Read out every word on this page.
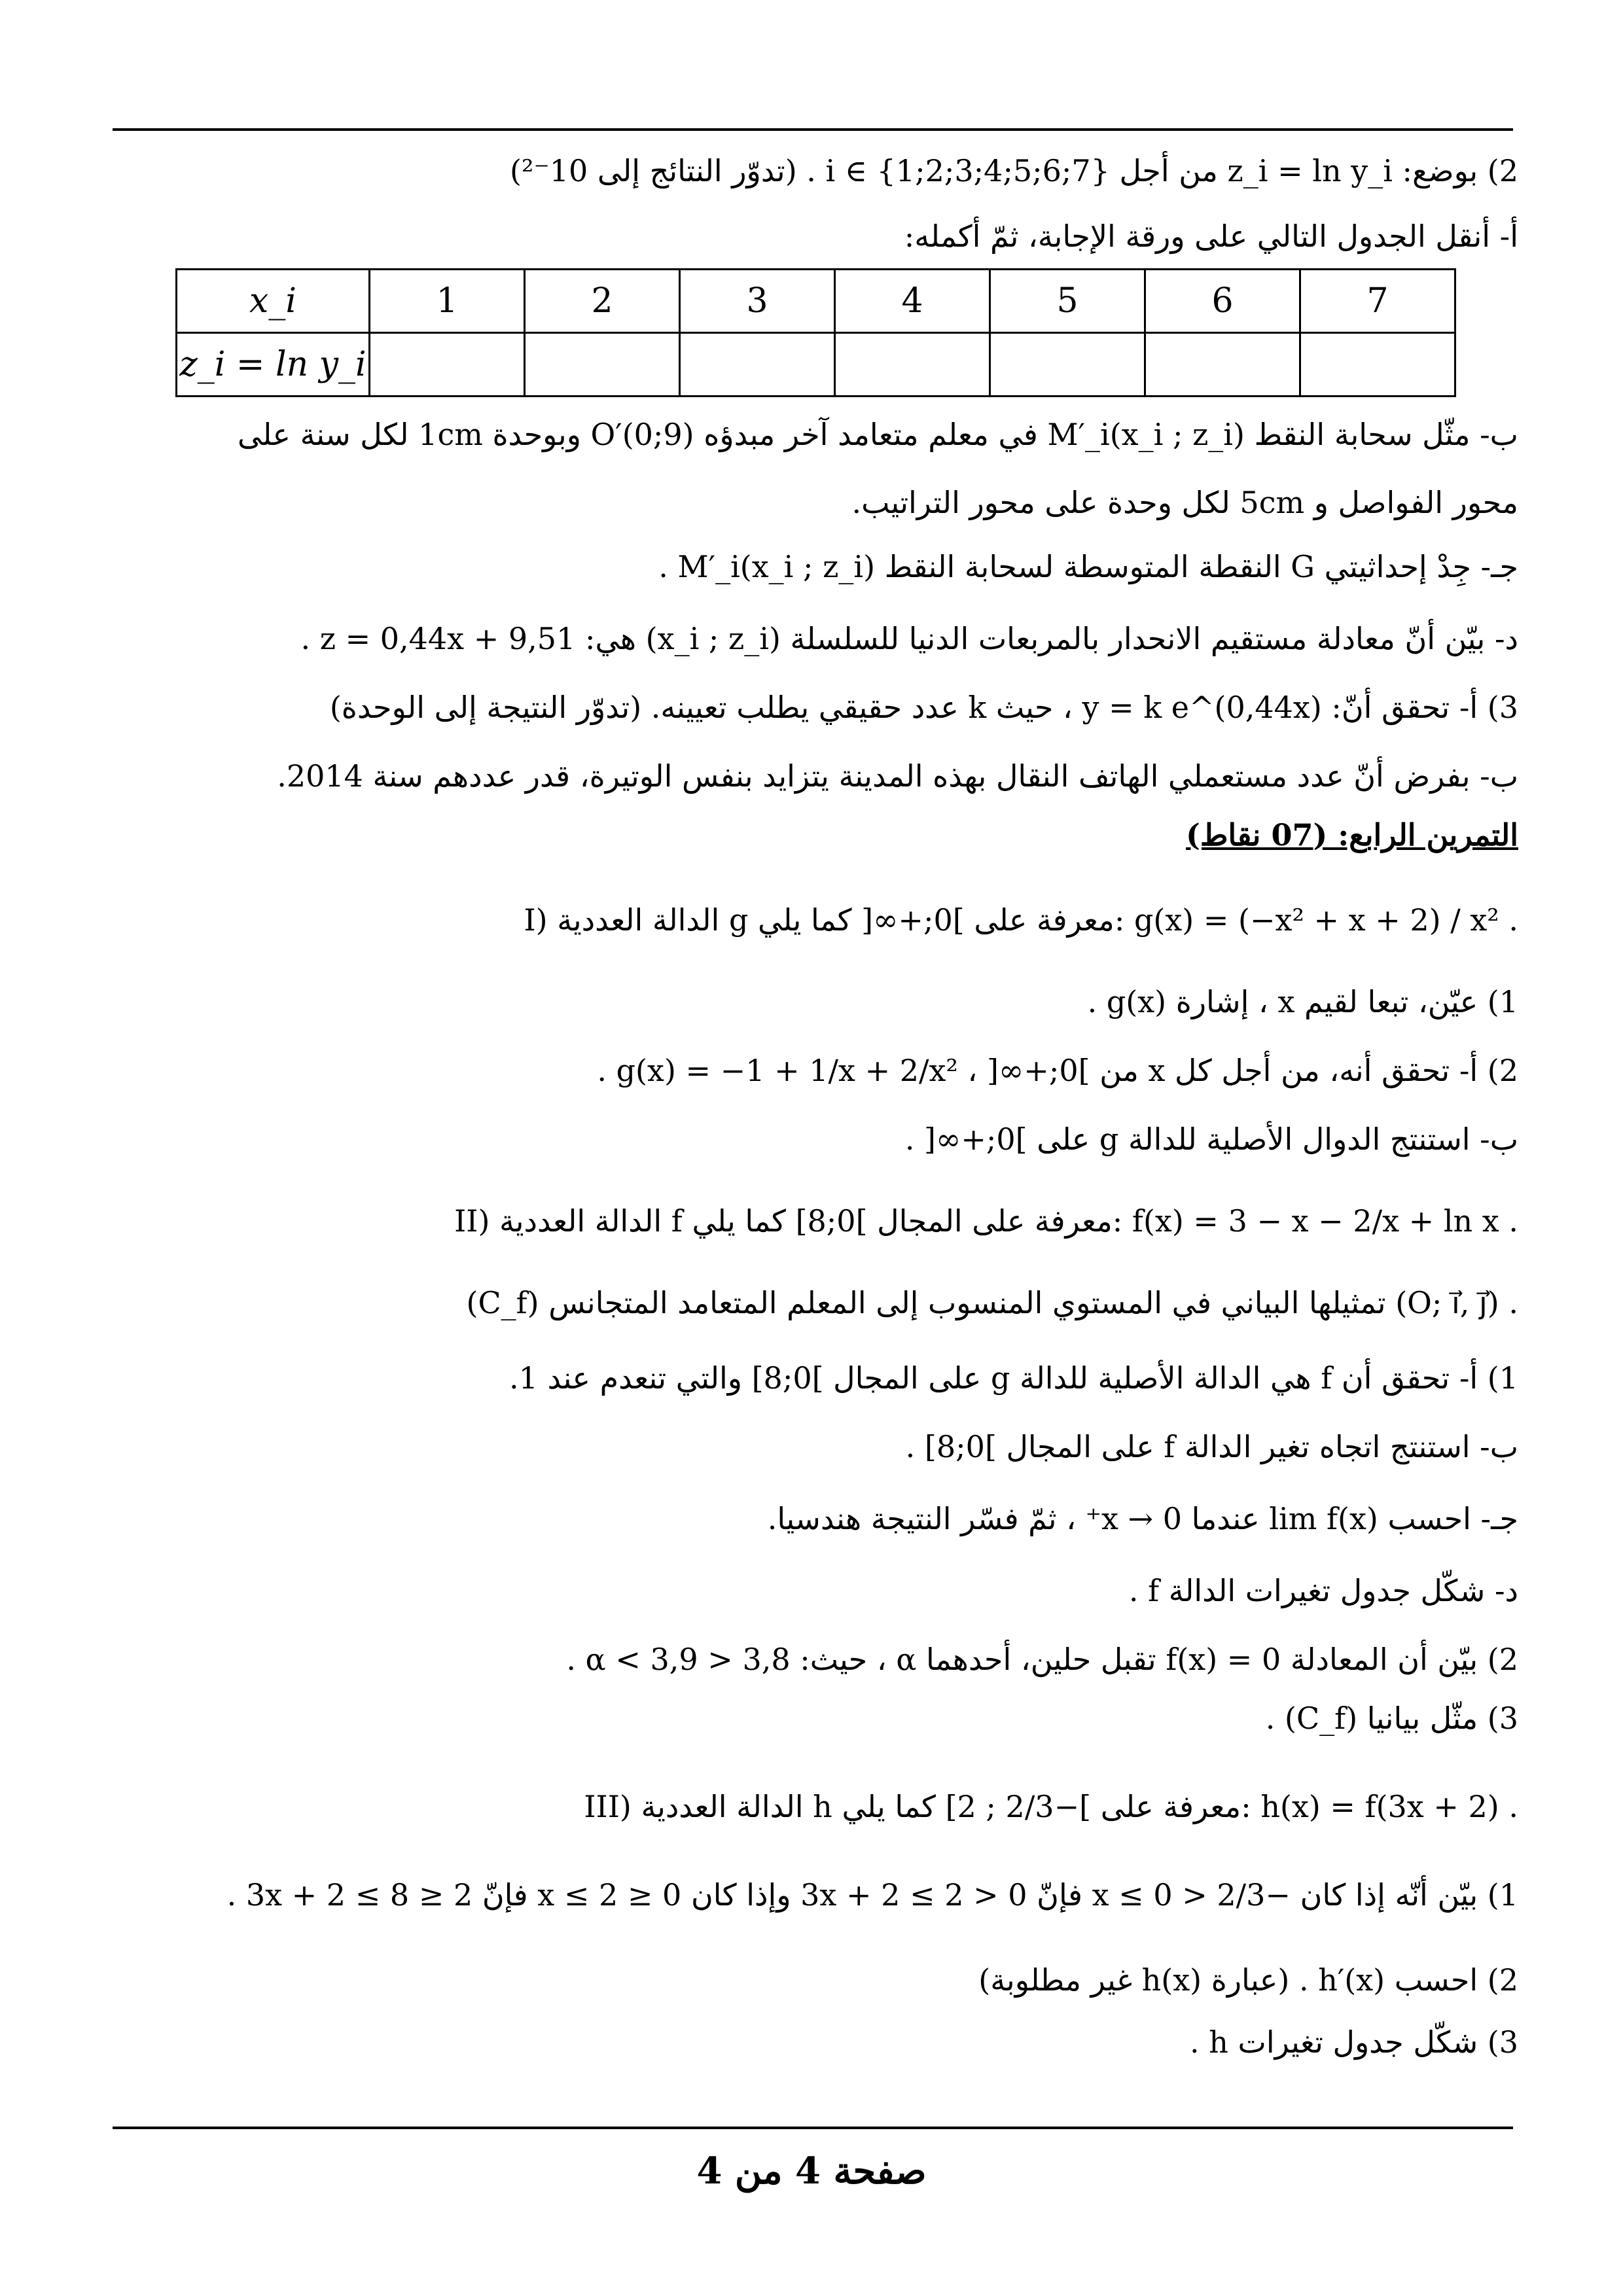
2) بوضع: z_i = ln y_i من أجل i ∈ {1;2;3;4;5;6;7} . (تدوّر النتائج إلى 10⁻²)
أ- أنقل الجدول التالي على ورقة الإجابة، ثمّ أكمله:
x_i	1	2	3	4	5	6	7
z_i = ln y_i							
ب- مثّل سحابة النقط M′_i(x_i ; z_i) في معلم متعامد آخر مبدؤه O′(0;9) وبوحدة 1cm لكل سنة على
محور الفواصل و 5cm لكل وحدة على محور التراتيب.
جـ- جِدْ إحداثيتي G النقطة المتوسطة لسحابة النقط M′_i(x_i ; z_i) .
د- بيّن أنّ معادلة مستقيم الانحدار بالمربعات الدنيا للسلسلة (x_i ; z_i) هي: z = 0,44x + 9,51 .
3) أ- تحقق أنّ: y = k e^(0,44x) ، حيث k عدد حقيقي يطلب تعيينه. (تدوّر النتيجة إلى الوحدة)
ب- بفرض أنّ عدد مستعملي الهاتف النقال بهذه المدينة يتزايد بنفس الوتيرة، قدر عددهم سنة 2014.
التمرين الرابع: (07 نقاط)
I) الدالة العددية g معرفة على ]0;+∞[ كما يلي: g(x) = (−x² + x + 2) / x² .
1) عيّن، تبعا لقيم x ، إشارة g(x) .
2) أ- تحقق أنه، من أجل كل x من ]0;+∞[ ، g(x) = −1 + 1/x + 2/x² .
ب- استنتج الدوال الأصلية للدالة g على ]0;+∞[ .
II) الدالة العددية f معرفة على المجال ]0;8] كما يلي: f(x) = 3 − x − 2/x + ln x .
(C_f) تمثيلها البياني في المستوي المنسوب إلى المعلم المتعامد المتجانس (O; i⃗, j⃗) .
1) أ- تحقق أن f هي الدالة الأصلية للدالة g على المجال ]0;8] والتي تنعدم عند 1.
ب- استنتج اتجاه تغير الدالة f على المجال ]0;8] .
جـ- احسب lim f(x) عندما x → 0⁺ ، ثمّ فسّر النتيجة هندسيا.
د- شكّل جدول تغيرات الدالة f .
2) بيّن أن المعادلة f(x) = 0 تقبل حلين، أحدهما α ، حيث: 3,8 < α < 3,9 .
3) مثّل بيانيا (C_f) .
III) الدالة العددية h معرفة على ]−2/3 ; 2] كما يلي: h(x) = f(3x + 2) .
1) بيّن أنّه إذا كان −2/3 < x ≤ 0 فإنّ 0 < 3x + 2 ≤ 2 وإذا كان 0 ≤ x ≤ 2 فإنّ 2 ≤ 3x + 2 ≤ 8 .
2) احسب h′(x) . (عبارة h(x) غير مطلوبة)
3) شكّل جدول تغيرات h .
صفحة 4 من 4
